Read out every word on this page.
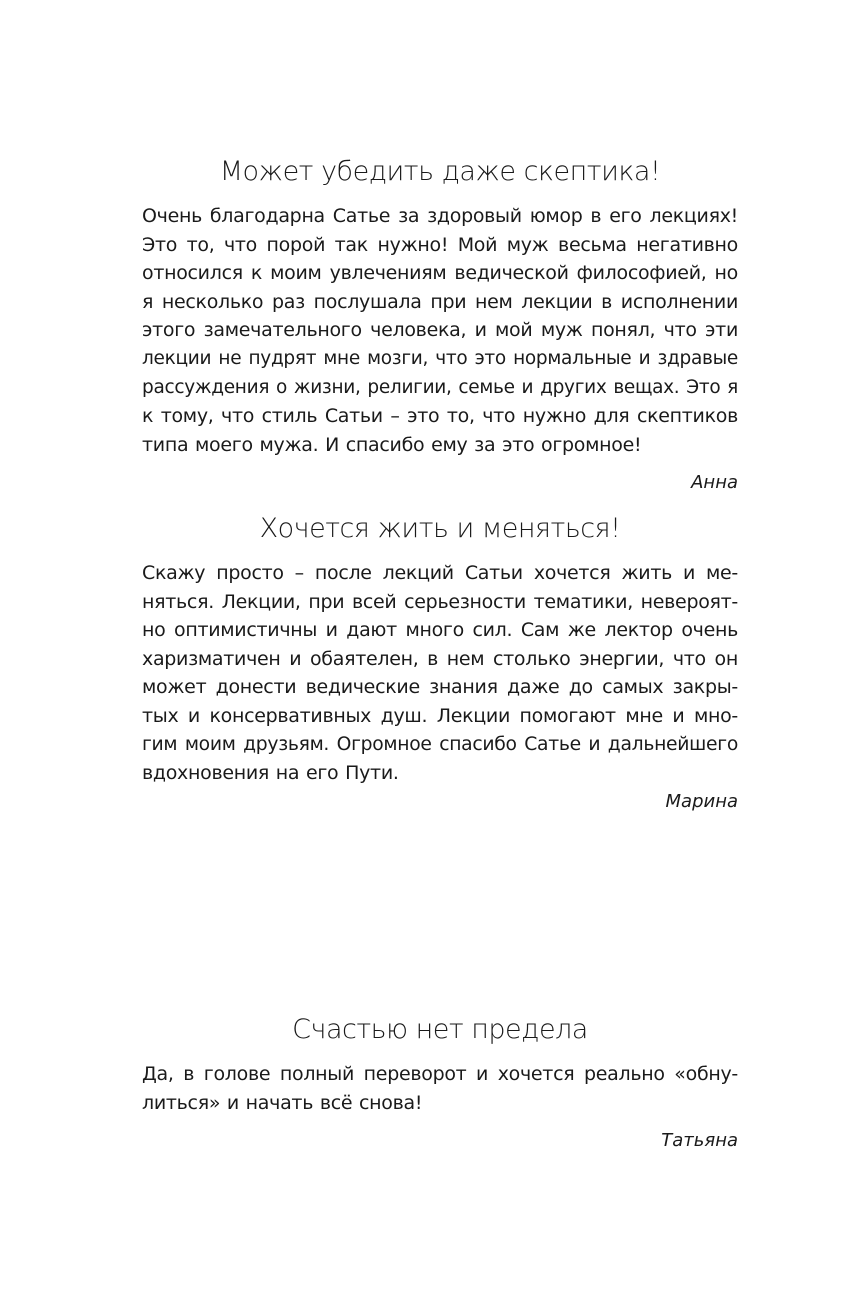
Может убедить даже скептика!
Очень благодарна Сатье за здоровый юмор в его лекциях!
Это то, что порой так нужно! Мой муж весьма негативно
относился к моим увлечениям ведической философией, но
я несколько раз послушала при нем лекции в исполнении
этого замечательного человека, и мой муж понял, что эти
лекции не пудрят мне мозги, что это нормальные и здравые
рассуждения о жизни, религии, семье и других вещах. Это я
к тому, что стиль Сатьи – это то, что нужно для скептиков
типа моего мужа. И спасибо ему за это огромное!

Анна

Хочется жить и меняться!
Скажу просто – после лекций Сатьи хочется жить и ме-
няться. Лекции, при всей серьезности тематики, невероят-
но оптимистичны и дают много сил. Сам же лектор очень
харизматичен и обаятелен, в нем столько энергии, что он
может донести ведические знания даже до самых закры-
тых и консервативных душ. Лекции помогают мне и мно-
гим моим друзьям. Огромное спасибо Сатье и дальнейшего
вдохновения на его Пути.

Марина

Счастью нет предела
Да, в голове полный переворот и хочется реально «обну-
литься» и начать всё снова!

Татьяна
